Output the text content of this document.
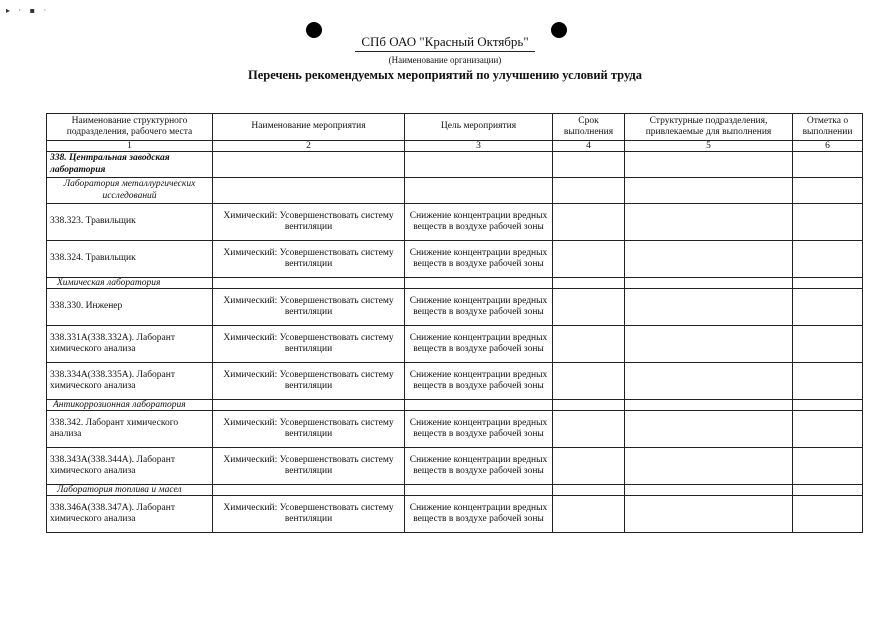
▸ · ▪ ·
СПб ОАО "Красный Октябрь"
(Наименование организации)
Перечень рекомендуемых мероприятий по улучшению условий труда
Наименование структурного подразделения, рабочего места	Наименование мероприятия	Цель мероприятия	Срок выполнения	Структурные подразделения, привлекаемые для выполнения	Отметка о выполнении
1	2	3	4	5	6
338. Центральная заводская лаборатория					
Лаборатория металлургических исследований					
338.323. Травильщик	Химический: Усовершенствовать систему вентиляции	Снижение концентрации вредных веществ в воздухе рабочей зоны			
338.324. Травильщик	Химический: Усовершенствовать систему вентиляции	Снижение концентрации вредных веществ в воздухе рабочей зоны			
Химическая лаборатория					
338.330. Инженер	Химический: Усовершенствовать систему вентиляции	Снижение концентрации вредных веществ в воздухе рабочей зоны			
338.331А(338.332А). Лаборант химического анализа	Химический: Усовершенствовать систему вентиляции	Снижение концентрации вредных веществ в воздухе рабочей зоны			
338.334А(338.335А). Лаборант химического анализа	Химический: Усовершенствовать систему вентиляции	Снижение концентрации вредных веществ в воздухе рабочей зоны			
Антикоррозионная лаборатория					
338.342. Лаборант химического анализа	Химический: Усовершенствовать систему вентиляции	Снижение концентрации вредных веществ в воздухе рабочей зоны			
338.343А(338.344А). Лаборант химического анализа	Химический: Усовершенствовать систему вентиляции	Снижение концентрации вредных веществ в воздухе рабочей зоны			
Лаборатория топлива и масел					
338.346А(338.347А). Лаборант химического анализа	Химический: Усовершенствовать систему вентиляции	Снижение концентрации вредных веществ в воздухе рабочей зоны			
